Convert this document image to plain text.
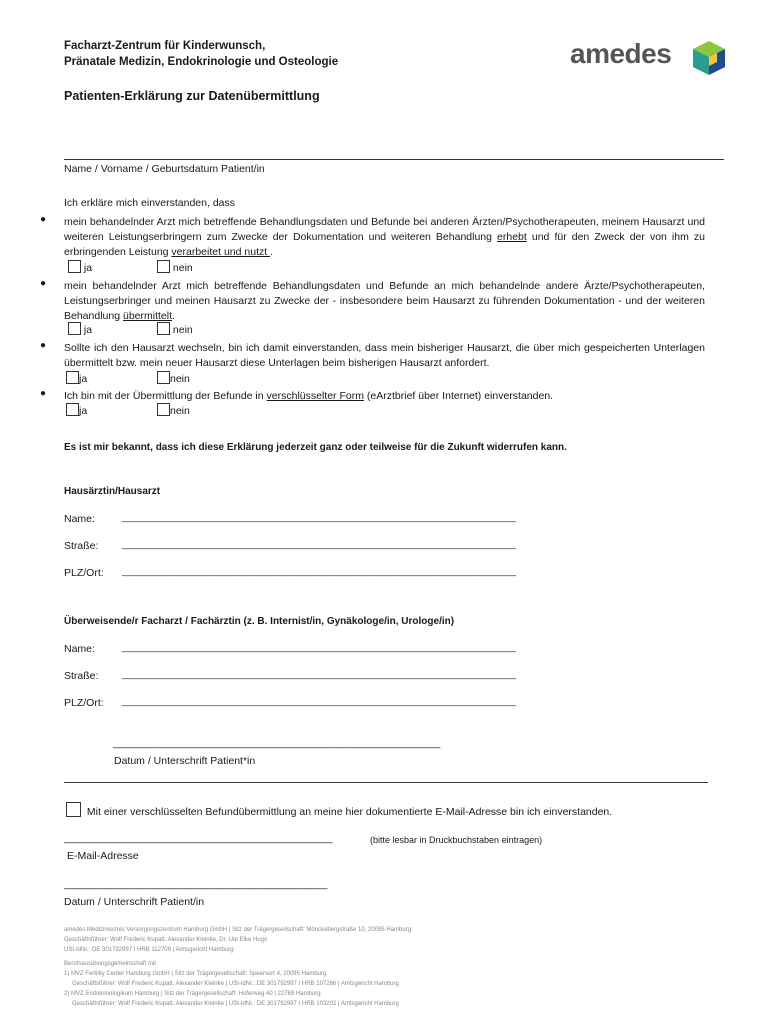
Facharzt-Zentrum für Kinderwunsch,
Pränatale Medizin, Endokrinologie und Osteologie	amedes
Patienten-Erklärung zur Datenübermittlung
Name / Vorname / Geburtsdatum Patient/in
Ich erkläre mich einverstanden, dass
● mein behandelnder Arzt mich betreffende Behandlungsdaten und Befunde bei anderen Ärzten/Psychotherapeuten, meinem Hausarzt und weiteren Leistungserbringern zum Zwecke der Dokumentation und weiteren Behandlung erhebt und für den Zweck der von ihm zu erbringenden Leistung verarbeitet und nutzt .
ja	nein
● mein behandelnder Arzt mich betreffende Behandlungsdaten und Befunde an mich behandelnde andere Ärzte/Psychotherapeuten, Leistungserbringer und meinen Hausarzt zu Zwecke der - insbesondere beim Hausarzt zu führenden Dokumentation - und der weiteren Behandlung übermittelt.
ja	nein
● Sollte ich den Hausarzt wechseln, bin ich damit einverstanden, dass mein bisheriger Hausarzt, die über mich gespeicherten Unterlagen übermittelt bzw. mein neuer Hausarzt diese Unterlagen beim bisherigen Hausarzt anfordert.
ja	nein
● Ich bin mit der Übermittlung der Befunde in verschlüsselter Form (eArztbrief über Internet) einverstanden.
ja	nein
Es ist mir bekannt, dass ich diese Erklärung jederzeit ganz oder teilweise für die Zukunft widerrufen kann.
Hausärztin/Hausarzt
Name:	_______________________________________________________________________________
Straße: _______________________________________________________________________________
PLZ/Ort: _______________________________________________________________________________
Überweisende/r Facharzt / Fachärztin (z. B. Internist/in, Gynäkologe/in, Urologe/in)
Name:	_______________________________________________________________________________
Straße: _______________________________________________________________________________
PLZ/Ort: _______________________________________________________________________________
_____________________________________________________________
Datum / Unterschrift Patient*in
Mit einer verschlüsselten Befundübermittlung an meine hier dokumentierte E-Mail-Adresse bin ich einverstanden.
___________________________________________________	(bitte lesbar in Druckbuchstaben eintragen)
E-Mail-Adresse
__________________________________________________
Datum / Unterschrift Patient/in
amedes Medizinisches Versorgungszentrum Hamburg GmbH | Sitz der Trägergesellschaft: Mönckebergstraße 10, 20095 Hamburg
Geschäftsführer: Wolf Frederic Kupatt, Alexander Kleinke, Dr. Ute Elke Hugo
USt-IdNr.: DE 301792997 I HRB 112709 | Amtsgericht Hamburg
Berufsausübungsgemeinschaft mit
1) MVZ Fertility Center Hamburg GmbH | Sitz der Trägergesellschaft: Speersort 4, 20095 Hamburg
Geschäftsführer: Wolf Frederic Kupatt, Alexander Kleinke | USt-IdNr.: DE 301792997 I HRB 107266 | Amtsgericht Hamburg
2) MVZ Endokrinologikum Hamburg | Sitz der Trägergesellschaft: Hoferweg 40 | 22769 Hamburg
Geschäftsführer: Wolf Frederic Kupatt, Alexander Kleinke | USt-IdNr.: DE 301792997 I HRB 103202 | Amtsgericht Hamburg
